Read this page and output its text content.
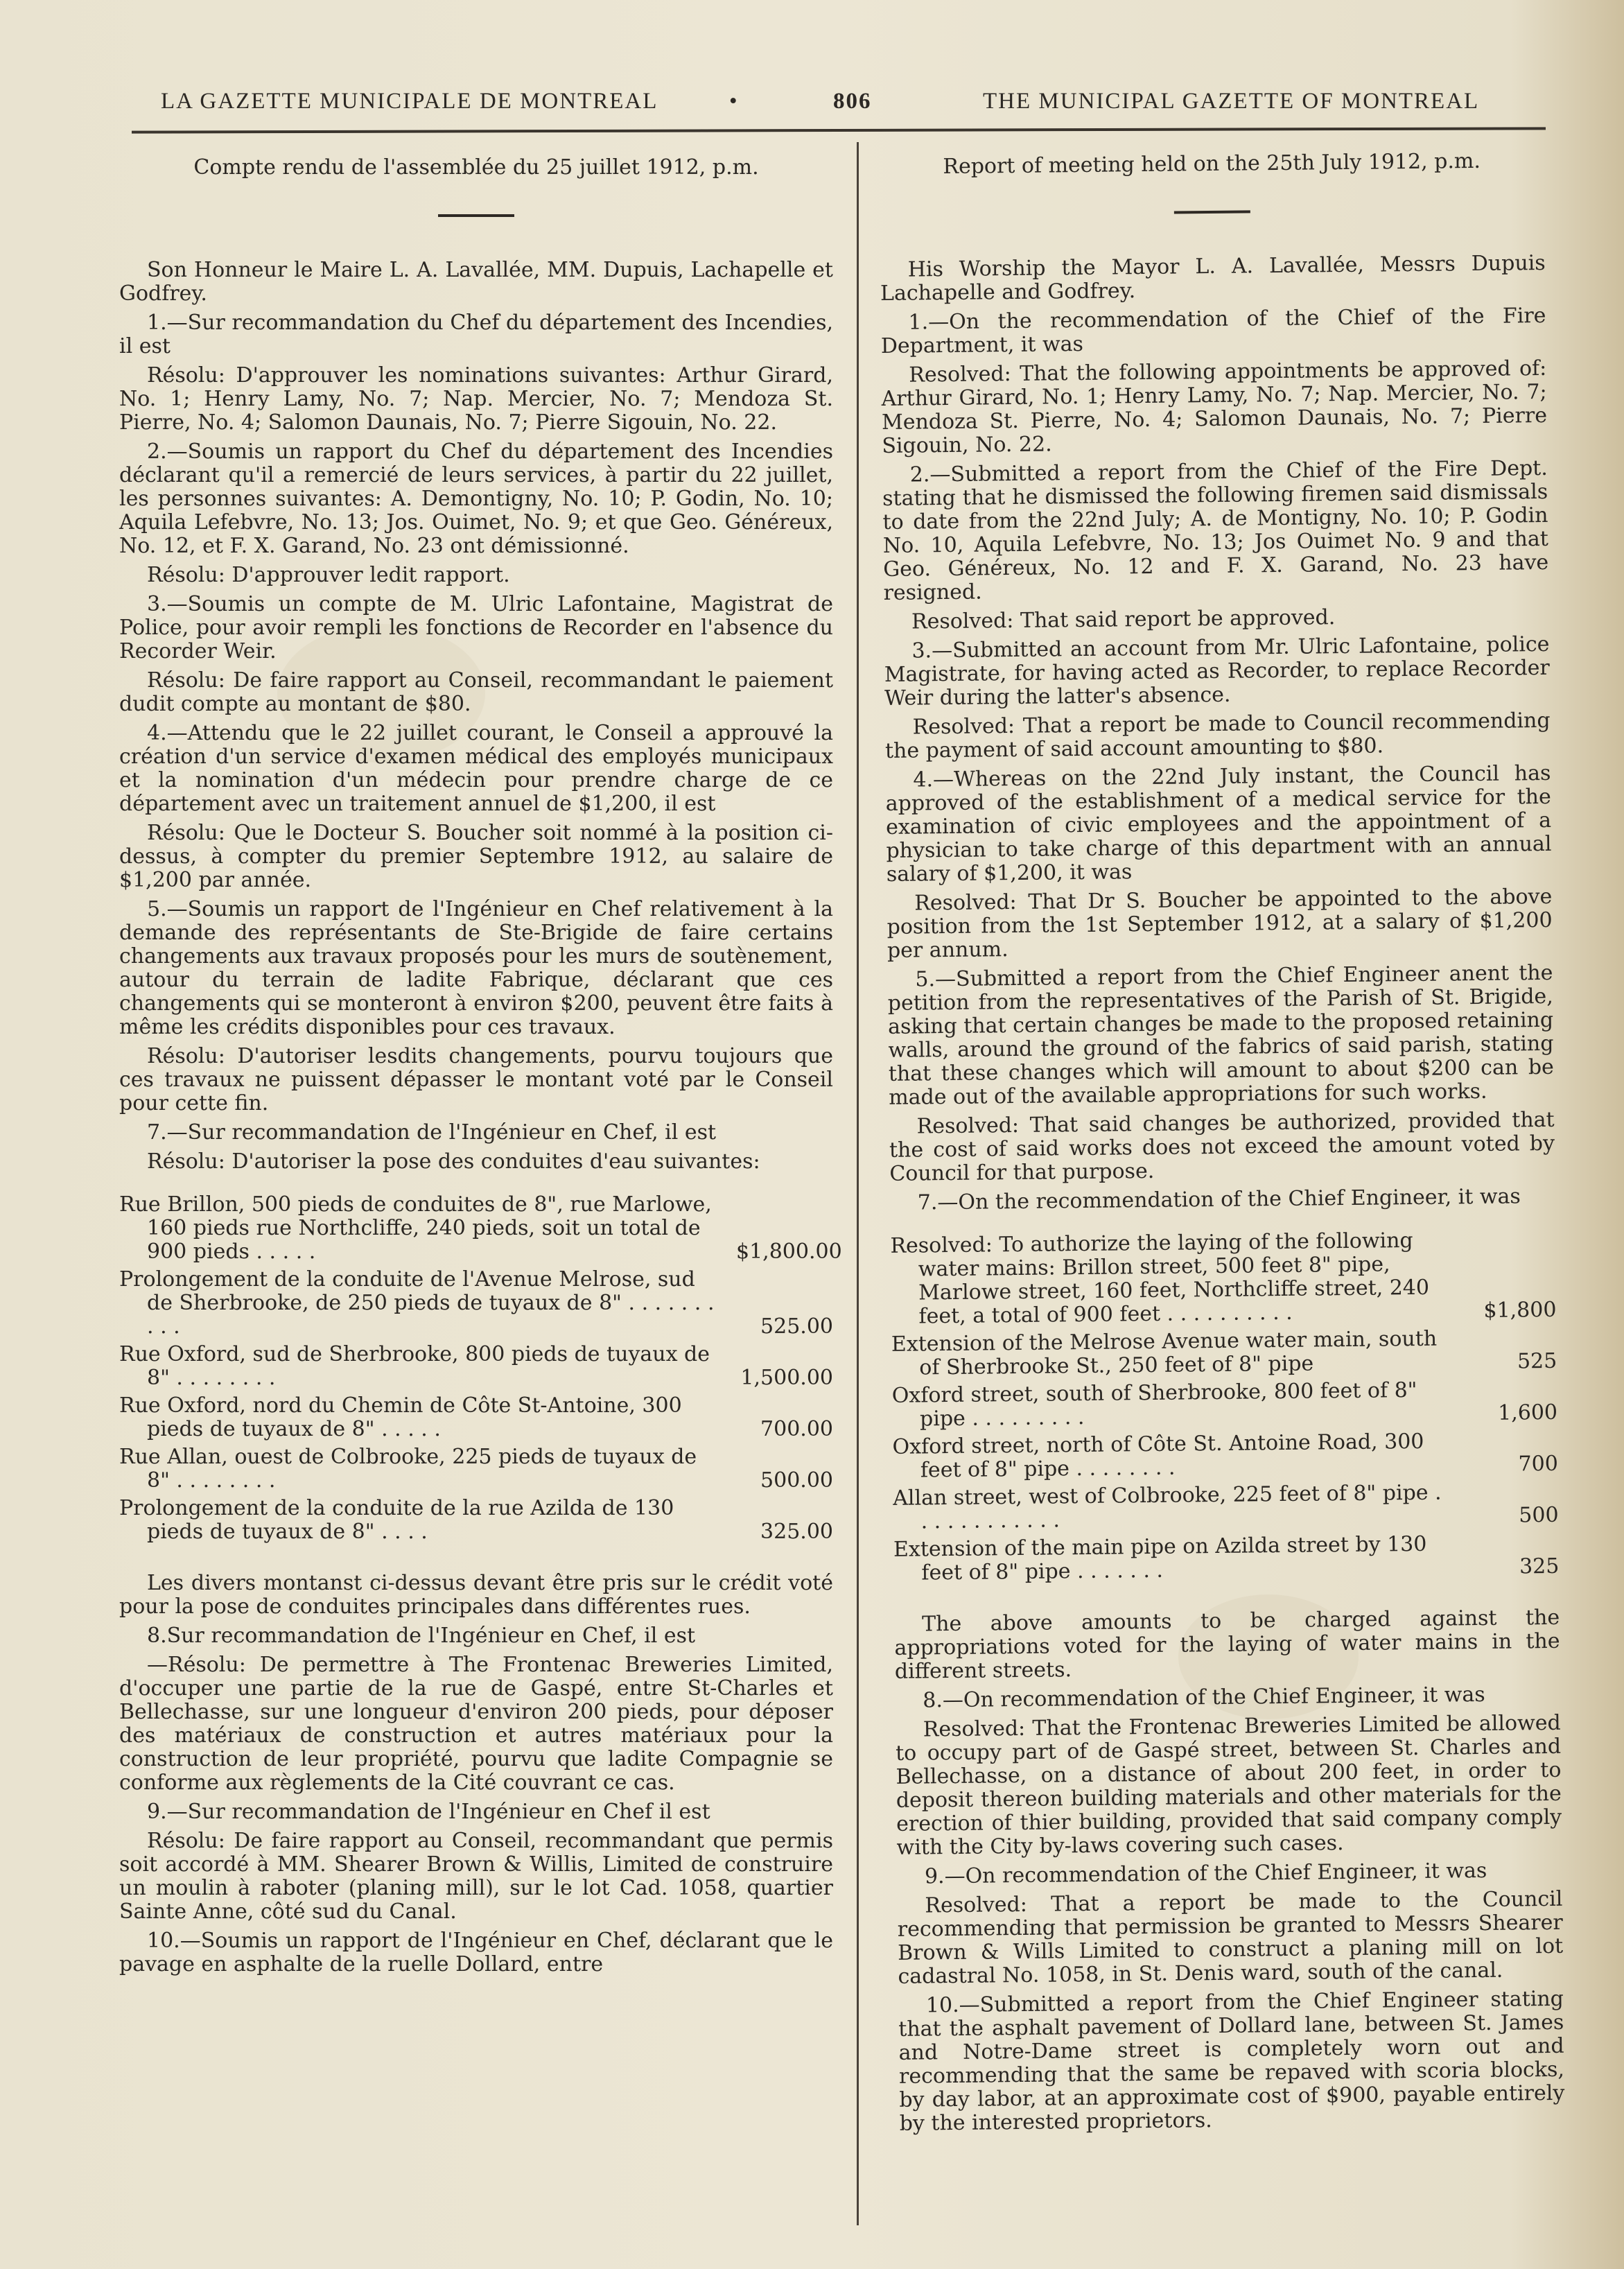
LA GAZETTE MUNICIPALE DE MONTREAL	•	806	THE MUNICIPAL GAZETTE OF MONTREAL

Compte rendu de l'assemblée du 25 juillet 1912, p.m.

Son Honneur le Maire L. A. Lavallée, MM. Dupuis, Lachapelle et Godfrey.

1.—Sur recommandation du Chef du département des Incendies, il est

Résolu: D'approuver les nominations suivantes: Arthur Girard, No. 1; Henry Lamy, No. 7; Nap. Mercier, No. 7; Mendoza St. Pierre, No. 4; Salomon Daunais, No. 7; Pierre Sigouin, No. 22.

2.—Soumis un rapport du Chef du département des Incendies déclarant qu'il a remercié de leurs services, à partir du 22 juillet, les personnes suivantes: A. Demontigny, No. 10; P. Godin, No. 10; Aquila Lefebvre, No. 13; Jos. Ouimet, No. 9; et que Geo. Généreux, No. 12, et F. X. Garand, No. 23 ont démissionné.

Résolu: D'approuver ledit rapport.

3.—Soumis un compte de M. Ulric Lafontaine, Magistrat de Police, pour avoir rempli les fonctions de Recorder en l'absence du Recorder Weir.

Résolu: De faire rapport au Conseil, recommandant le paiement dudit compte au montant de $80.

4.—Attendu que le 22 juillet courant, le Conseil a approuvé la création d'un service d'examen médical des employés municipaux et la nomination d'un médecin pour prendre charge de ce département avec un traitement annuel de $1,200, il est

Résolu: Que le Docteur S. Boucher soit nommé à la position ci-dessus, à compter du premier Septembre 1912, au salaire de $1,200 par année.

5.—Soumis un rapport de l'Ingénieur en Chef relativement à la demande des représentants de Ste-Brigide de faire certains changements aux travaux proposés pour les murs de soutènement, autour du terrain de ladite Fabrique, déclarant que ces changements qui se monteront à environ $200, peuvent être faits à même les crédits disponibles pour ces travaux.

Résolu: D'autoriser lesdits changements, pourvu toujours que ces travaux ne puissent dépasser le montant voté par le Conseil pour cette fin.

7.—Sur recommandation de l'Ingénieur en Chef, il est

Résolu: D'autoriser la pose des conduites d'eau suivantes:

Rue Brillon, 500 pieds de conduites de 8", rue Marlowe, 160 pieds rue Northcliffe, 240 pieds, soit un total de 900 pieds . . . . .	$1,800.00
Prolongement de la conduite de l'Avenue Melrose, sud de Sherbrooke, de 250 pieds de tuyaux de 8" . . . . . . . . . .	525.00
Rue Oxford, sud de Sherbrooke, 800 pieds de tuyaux de 8" . . . . . . . .	1,500.00
Rue Oxford, nord du Chemin de Côte St-Antoine, 300 pieds de tuyaux de 8" . . . . .	700.00
Rue Allan, ouest de Colbrooke, 225 pieds de tuyaux de 8" . . . . . . . .	500.00
Prolongement de la conduite de la rue Azilda de 130 pieds de tuyaux de 8" . . . .	325.00

Les divers montanst ci-dessus devant être pris sur le crédit voté pour la pose de conduites principales dans différentes rues.

8.Sur recommandation de l'Ingénieur en Chef, il est

—Résolu: De permettre à The Frontenac Breweries Limited, d'occuper une partie de la rue de Gaspé, entre St-Charles et Bellechasse, sur une longueur d'environ 200 pieds, pour déposer des matériaux de construction et autres matériaux pour la construction de leur propriété, pourvu que ladite Compagnie se conforme aux règlements de la Cité couvrant ce cas.

9.—Sur recommandation de l'Ingénieur en Chef il est

Résolu: De faire rapport au Conseil, recommandant que permis soit accordé à MM. Shearer Brown & Willis, Limited de construire un moulin à raboter (planing mill), sur le lot Cad. 1058, quartier Sainte Anne, côté sud du Canal.

10.—Soumis un rapport de l'Ingénieur en Chef, déclarant que le pavage en asphalte de la ruelle Dollard, entre

Report of meeting held on the 25th July 1912, p.m.

His Worship the Mayor L. A. Lavallée, Messrs Dupuis Lachapelle and Godfrey.

1.—On the recommendation of the Chief of the Fire Department, it was

Resolved: That the following appointments be approved of: Arthur Girard, No. 1; Henry Lamy, No. 7; Nap. Mercier, No. 7; Mendoza St. Pierre, No. 4; Salomon Daunais, No. 7; Pierre Sigouin, No. 22.

2.—Submitted a report from the Chief of the Fire Dept. stating that he dismissed the following firemen said dismissals to date from the 22nd July; A. de Montigny, No. 10; P. Godin No. 10, Aquila Lefebvre, No. 13; Jos Ouimet No. 9 and that Geo. Généreux, No. 12 and F. X. Garand, No. 23 have resigned.

Resolved: That said report be approved.

3.—Submitted an account from Mr. Ulric Lafontaine, police Magistrate, for having acted as Recorder, to replace Recorder Weir during the latter's absence.

Resolved: That a report be made to Council recommending the payment of said account amounting to $80.

4.—Whereas on the 22nd July instant, the Council has approved of the establishment of a medical service for the examination of civic employees and the appointment of a physician to take charge of this department with an annual salary of $1,200, it was

Resolved: That Dr S. Boucher be appointed to the above position from the 1st September 1912, at a salary of $1,200 per annum.

5.—Submitted a report from the Chief Engineer anent the petition from the representatives of the Parish of St. Brigide, asking that certain changes be made to the proposed retaining walls, around the ground of the fabrics of said parish, stating that these changes which will amount to about $200 can be made out of the available appropriations for such works.

Resolved: That said changes be authorized, provided that the cost of said works does not exceed the amount voted by Council for that purpose.

7.—On the recommendation of the Chief Engineer, it was

Resolved: To authorize the laying of the following water mains: Brillon street, 500 feet 8" pipe, Marlowe street, 160 feet, Northcliffe street, 240 feet, a total of 900 feet . . . . . . . . . .	$1,800
Extension of the Melrose Avenue water main, south of Sherbrooke St., 250 feet of 8" pipe	525
Oxford street, south of Sherbrooke, 800 feet of 8" pipe . . . . . . . . .	1,600
Oxford street, north of Côte St. Antoine Road, 300 feet of 8" pipe . . . . . . . .	700
Allan street, west of Colbrooke, 225 feet of 8" pipe . . . . . . . . . . . .	500
Extension of the main pipe on Azilda street by 130 feet of 8" pipe . . . . . . .	325

The above amounts to be charged against the appropriations voted for the laying of water mains in the different streets.

8.—On recommendation of the Chief Engineer, it was

Resolved: That the Frontenac Breweries Limited be allowed to occupy part of de Gaspé street, between St. Charles and Bellechasse, on a distance of about 200 feet, in order to deposit thereon building materials and other materials for the erection of thier building, provided that said company comply with the City by-laws covering such cases.

9.—On recommendation of the Chief Engineer, it was

Resolved: That a report be made to the Council recommending that permission be granted to Messrs Shearer Brown & Wills Limited to construct a planing mill on lot cadastral No. 1058, in St. Denis ward, south of the canal.

10.—Submitted a report from the Chief Engineer stating that the asphalt pavement of Dollard lane, between St. James and Notre-Dame street is completely worn out and recommending that the same be repaved with scoria blocks, by day labor, at an approximate cost of $900, payable entirely by the interested proprietors.
